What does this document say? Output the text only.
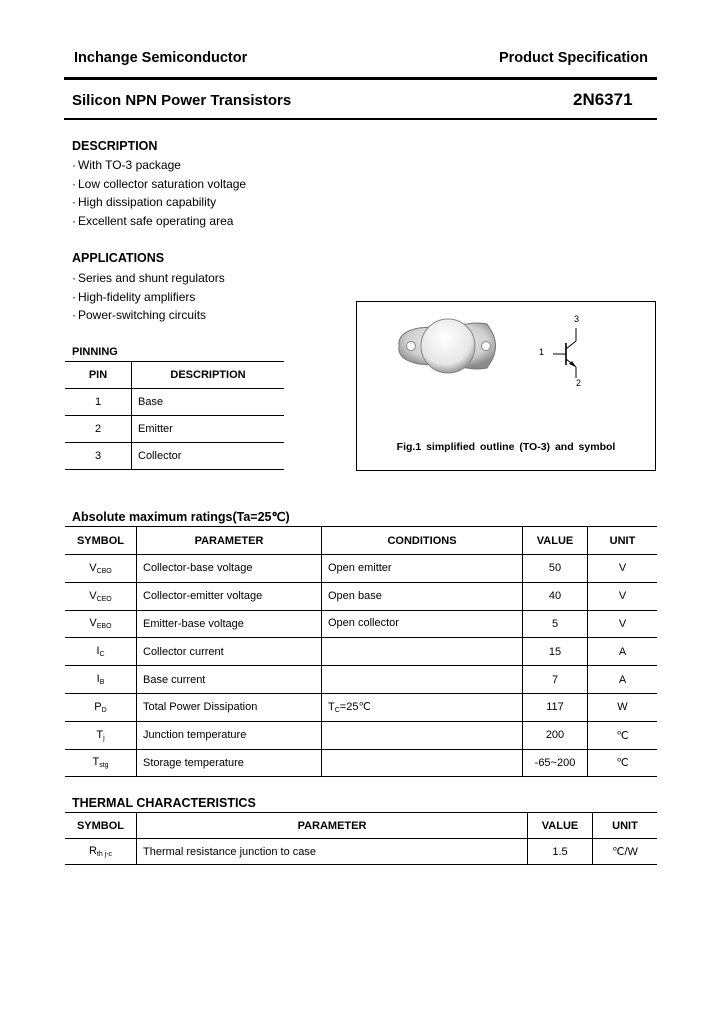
Inchange Semiconductor	Product Specification
Silicon NPN Power Transistors	2N6371
DESCRIPTION
· With TO-3 package
· Low collector saturation voltage
· High dissipation capability
· Excellent safe operating area
APPLICATIONS
· Series and shunt regulators
· High-fidelity amplifiers
· Power-switching circuits
PINNING
PIN	DESCRIPTION
1	Base
2	Emitter
3	Collector
1
3
2
Fig.1 simplified outline (TO-3) and symbol
Absolute maximum ratings(Ta=25℃)
SYMBOL	PARAMETER	CONDITIONS	VALUE	UNIT
$V_{CBO}$	Collector-base voltage	Open emitter	50	V
$V_{CEO}$	Collector-emitter voltage	Open base	40	V
$V_{EBO}$	Emitter-base voltage	Open collector	5	V
$I_C$	Collector current		15	A
$I_B$	Base current		7	A
$P_D$	Total Power Dissipation	$T_C=25℃$	117	W
$T_j$	Junction temperature		200	℃
$T_{stg}$	Storage temperature		-65~200	℃
THERMAL CHARACTERISTICS
SYMBOL	PARAMETER	VALUE	UNIT
$R_{th j-c}$	Thermal resistance junction to case	1.5	℃/W
